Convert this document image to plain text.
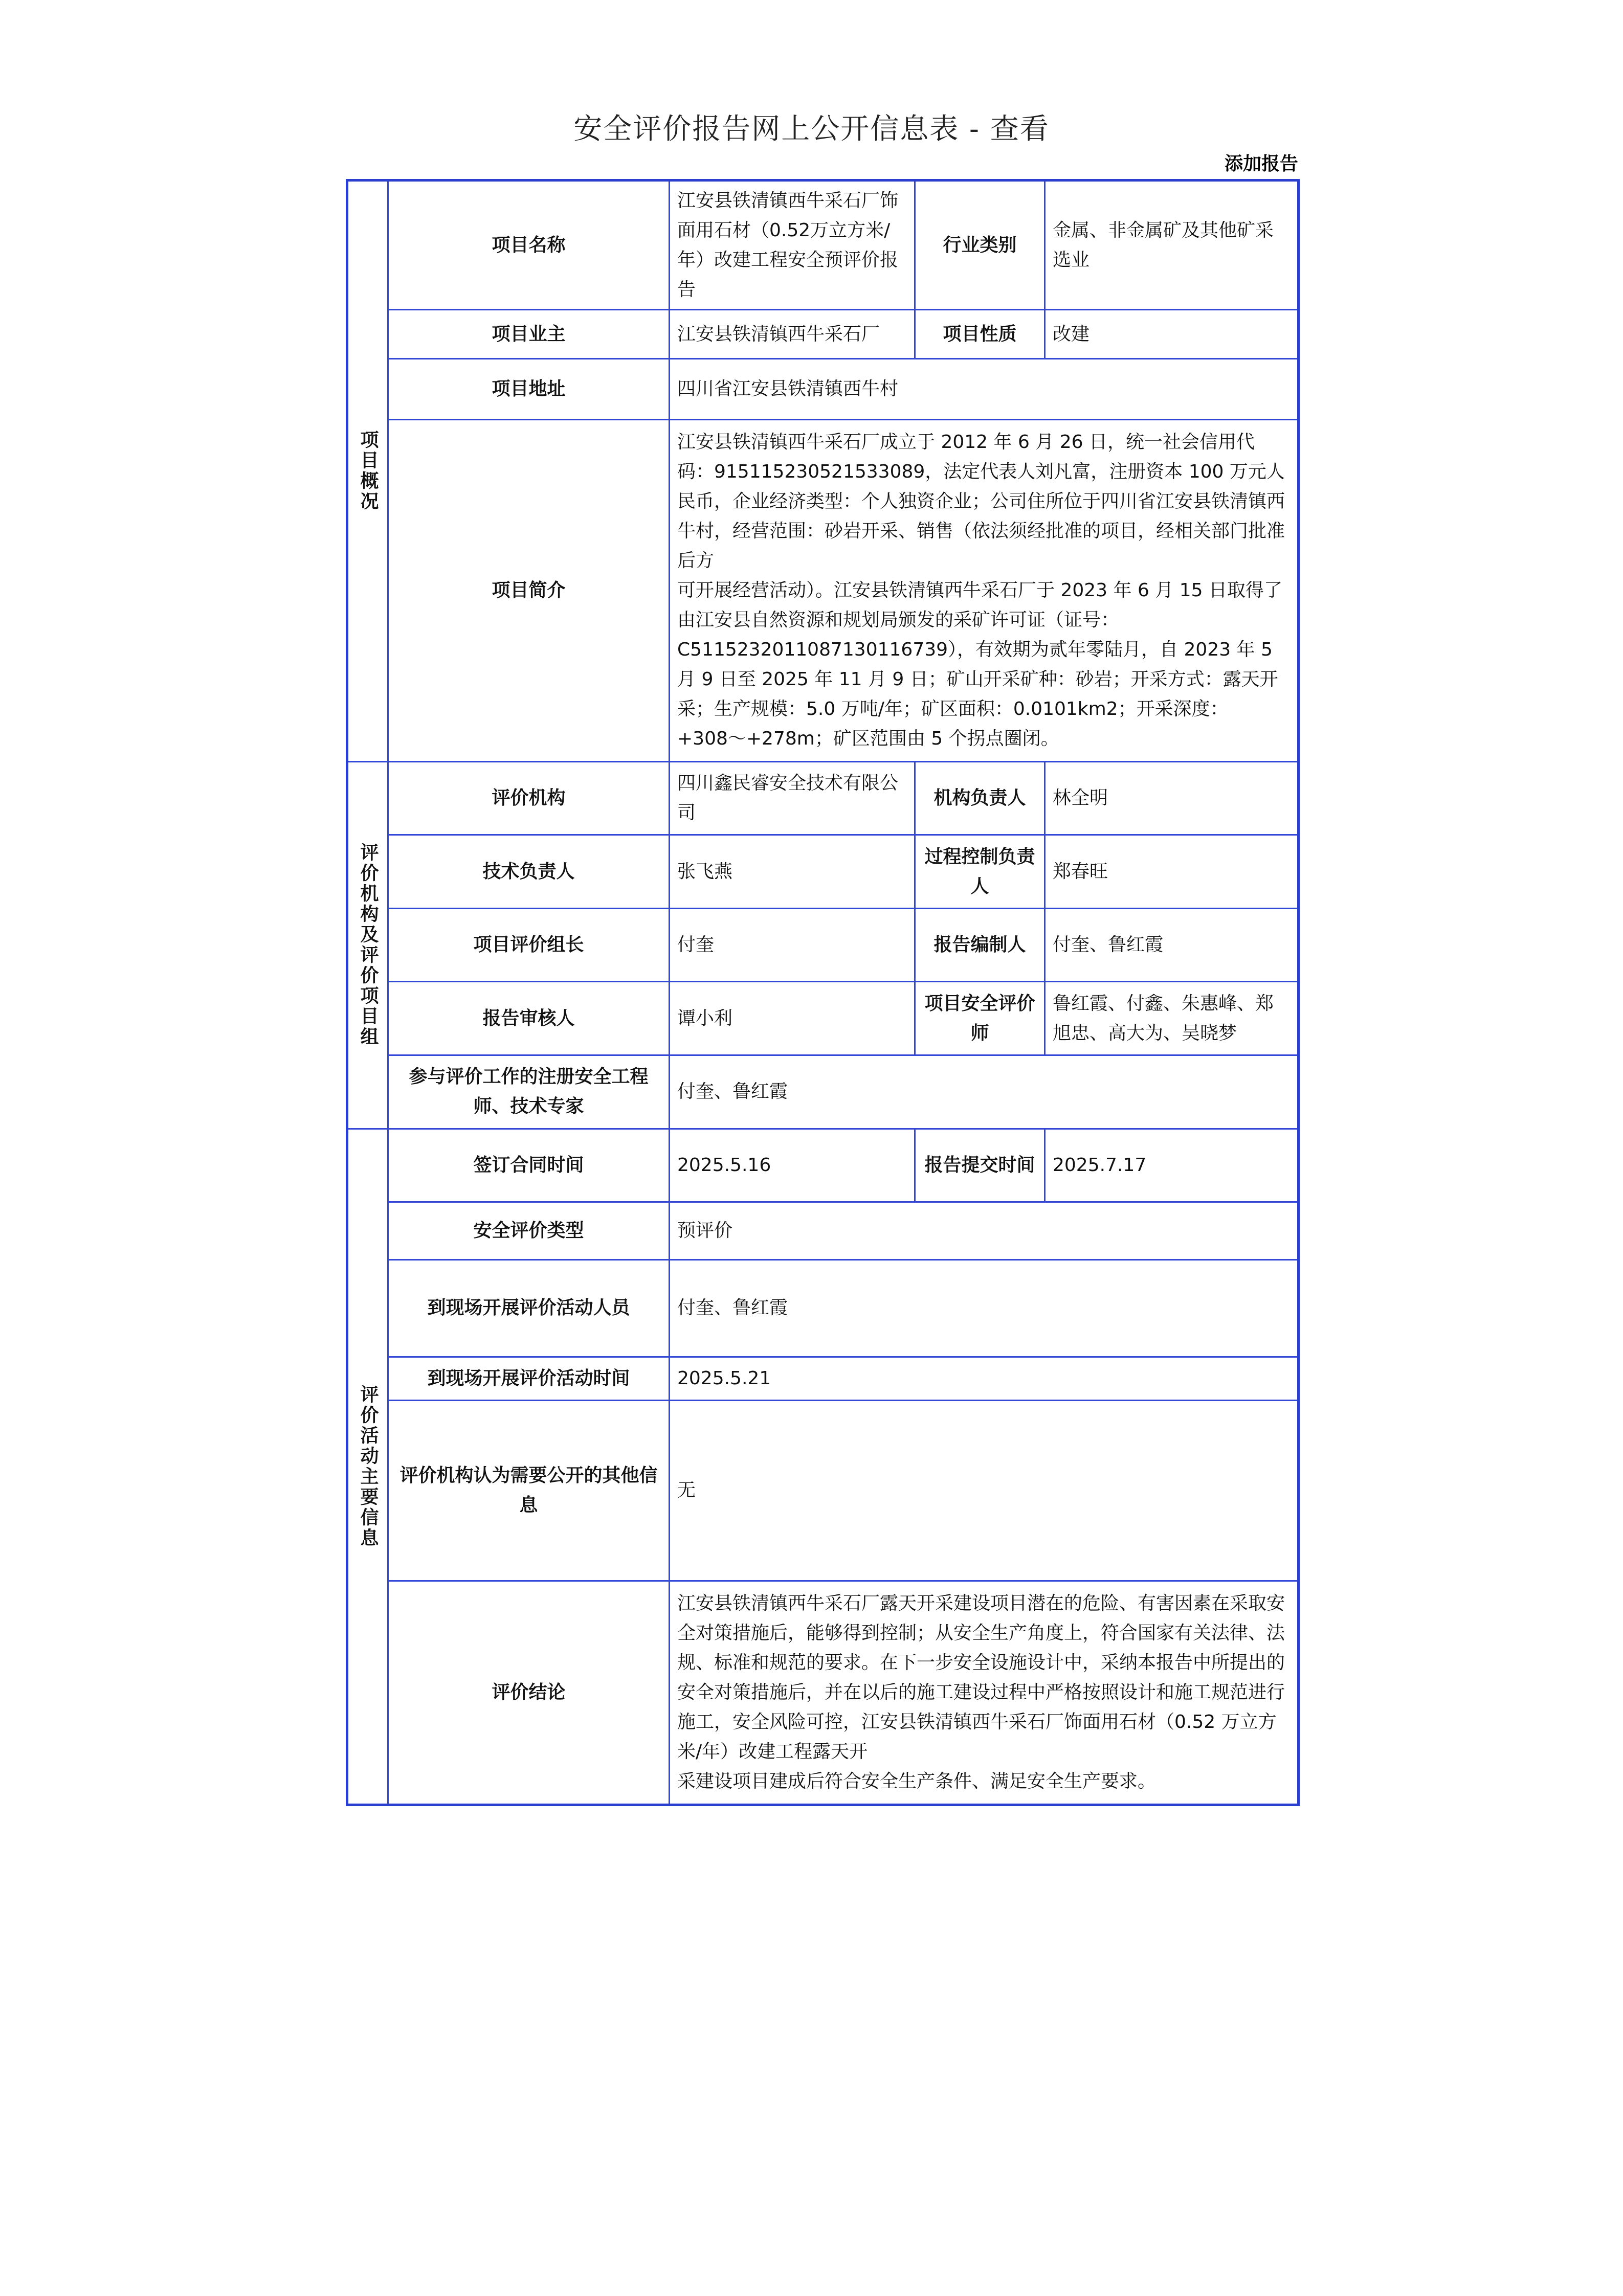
安全评价报告网上公开信息表 - 查看
添加报告
项目概况	项目名称	江安县铁清镇西牛采石厂饰面用石材（0.52万立方米/年）改建工程安全预评价报告	行业类别	金属、非金属矿及其他矿采选业
	项目业主	江安县铁清镇西牛采石厂	项目性质	改建
	项目地址	四川省江安县铁清镇西牛村		
	项目简介	江安县铁清镇西牛采石厂成立于 2012 年 6 月 26 日，统一社会信用代码：915115230521533089，法定代表人刘凡富，注册资本 100 万元人民币，企业经济类型：个人独资企业；公司住所位于四川省江安县铁清镇西牛村，经营范围：砂岩开采、销售（依法须经批准的项目，经相关部门批准后方
可开展经营活动）。江安县铁清镇西牛采石厂于 2023 年 6 月 15 日取得了由江安县自然资源和规划局颁发的采矿许可证（证号：C5115232011087130116739），有效期为贰年零陆月，自 2023 年 5 月 9 日至 2025 年 11 月 9 日；矿山开采矿种：砂岩；开采方式：露天开采；生产规模：5.0 万吨/年；矿区面积：0.0101km2；开采深度：+308〜+278m；矿区范围由 5 个拐点圈闭。		
评价机构及评价项目组	评价机构	四川鑫民睿安全技术有限公司	机构负责人	林全明
	技术负责人	张飞燕	过程控制负责人	郑春旺
	项目评价组长	付奎	报告编制人	付奎、鲁红霞
	报告审核人	谭小利	项目安全评价师	鲁红霞、付鑫、朱惠峰、郑旭忠、高大为、吴晓梦
	参与评价工作的注册安全工程师、技术专家	付奎、鲁红霞		
评价活动主要信息	签订合同时间	2025.5.16	报告提交时间	2025.7.17
	安全评价类型	预评价		
	到现场开展评价活动人员	付奎、鲁红霞		
	到现场开展评价活动时间	2025.5.21		
	评价机构认为需要公开的其他信息	无		
	评价结论	江安县铁清镇西牛采石厂露天开采建设项目潜在的危险、有害因素在采取安全对策措施后，能够得到控制；从安全生产角度上，符合国家有关法律、法规、标准和规范的要求。在下一步安全设施设计中，采纳本报告中所提出的安全对策措施后，并在以后的施工建设过程中严格按照设计和施工规范进行施工，安全风险可控，江安县铁清镇西牛采石厂饰面用石材（0.52 万立方米/年）改建工程露天开
采建设项目建成后符合安全生产条件、满足安全生产要求。		
